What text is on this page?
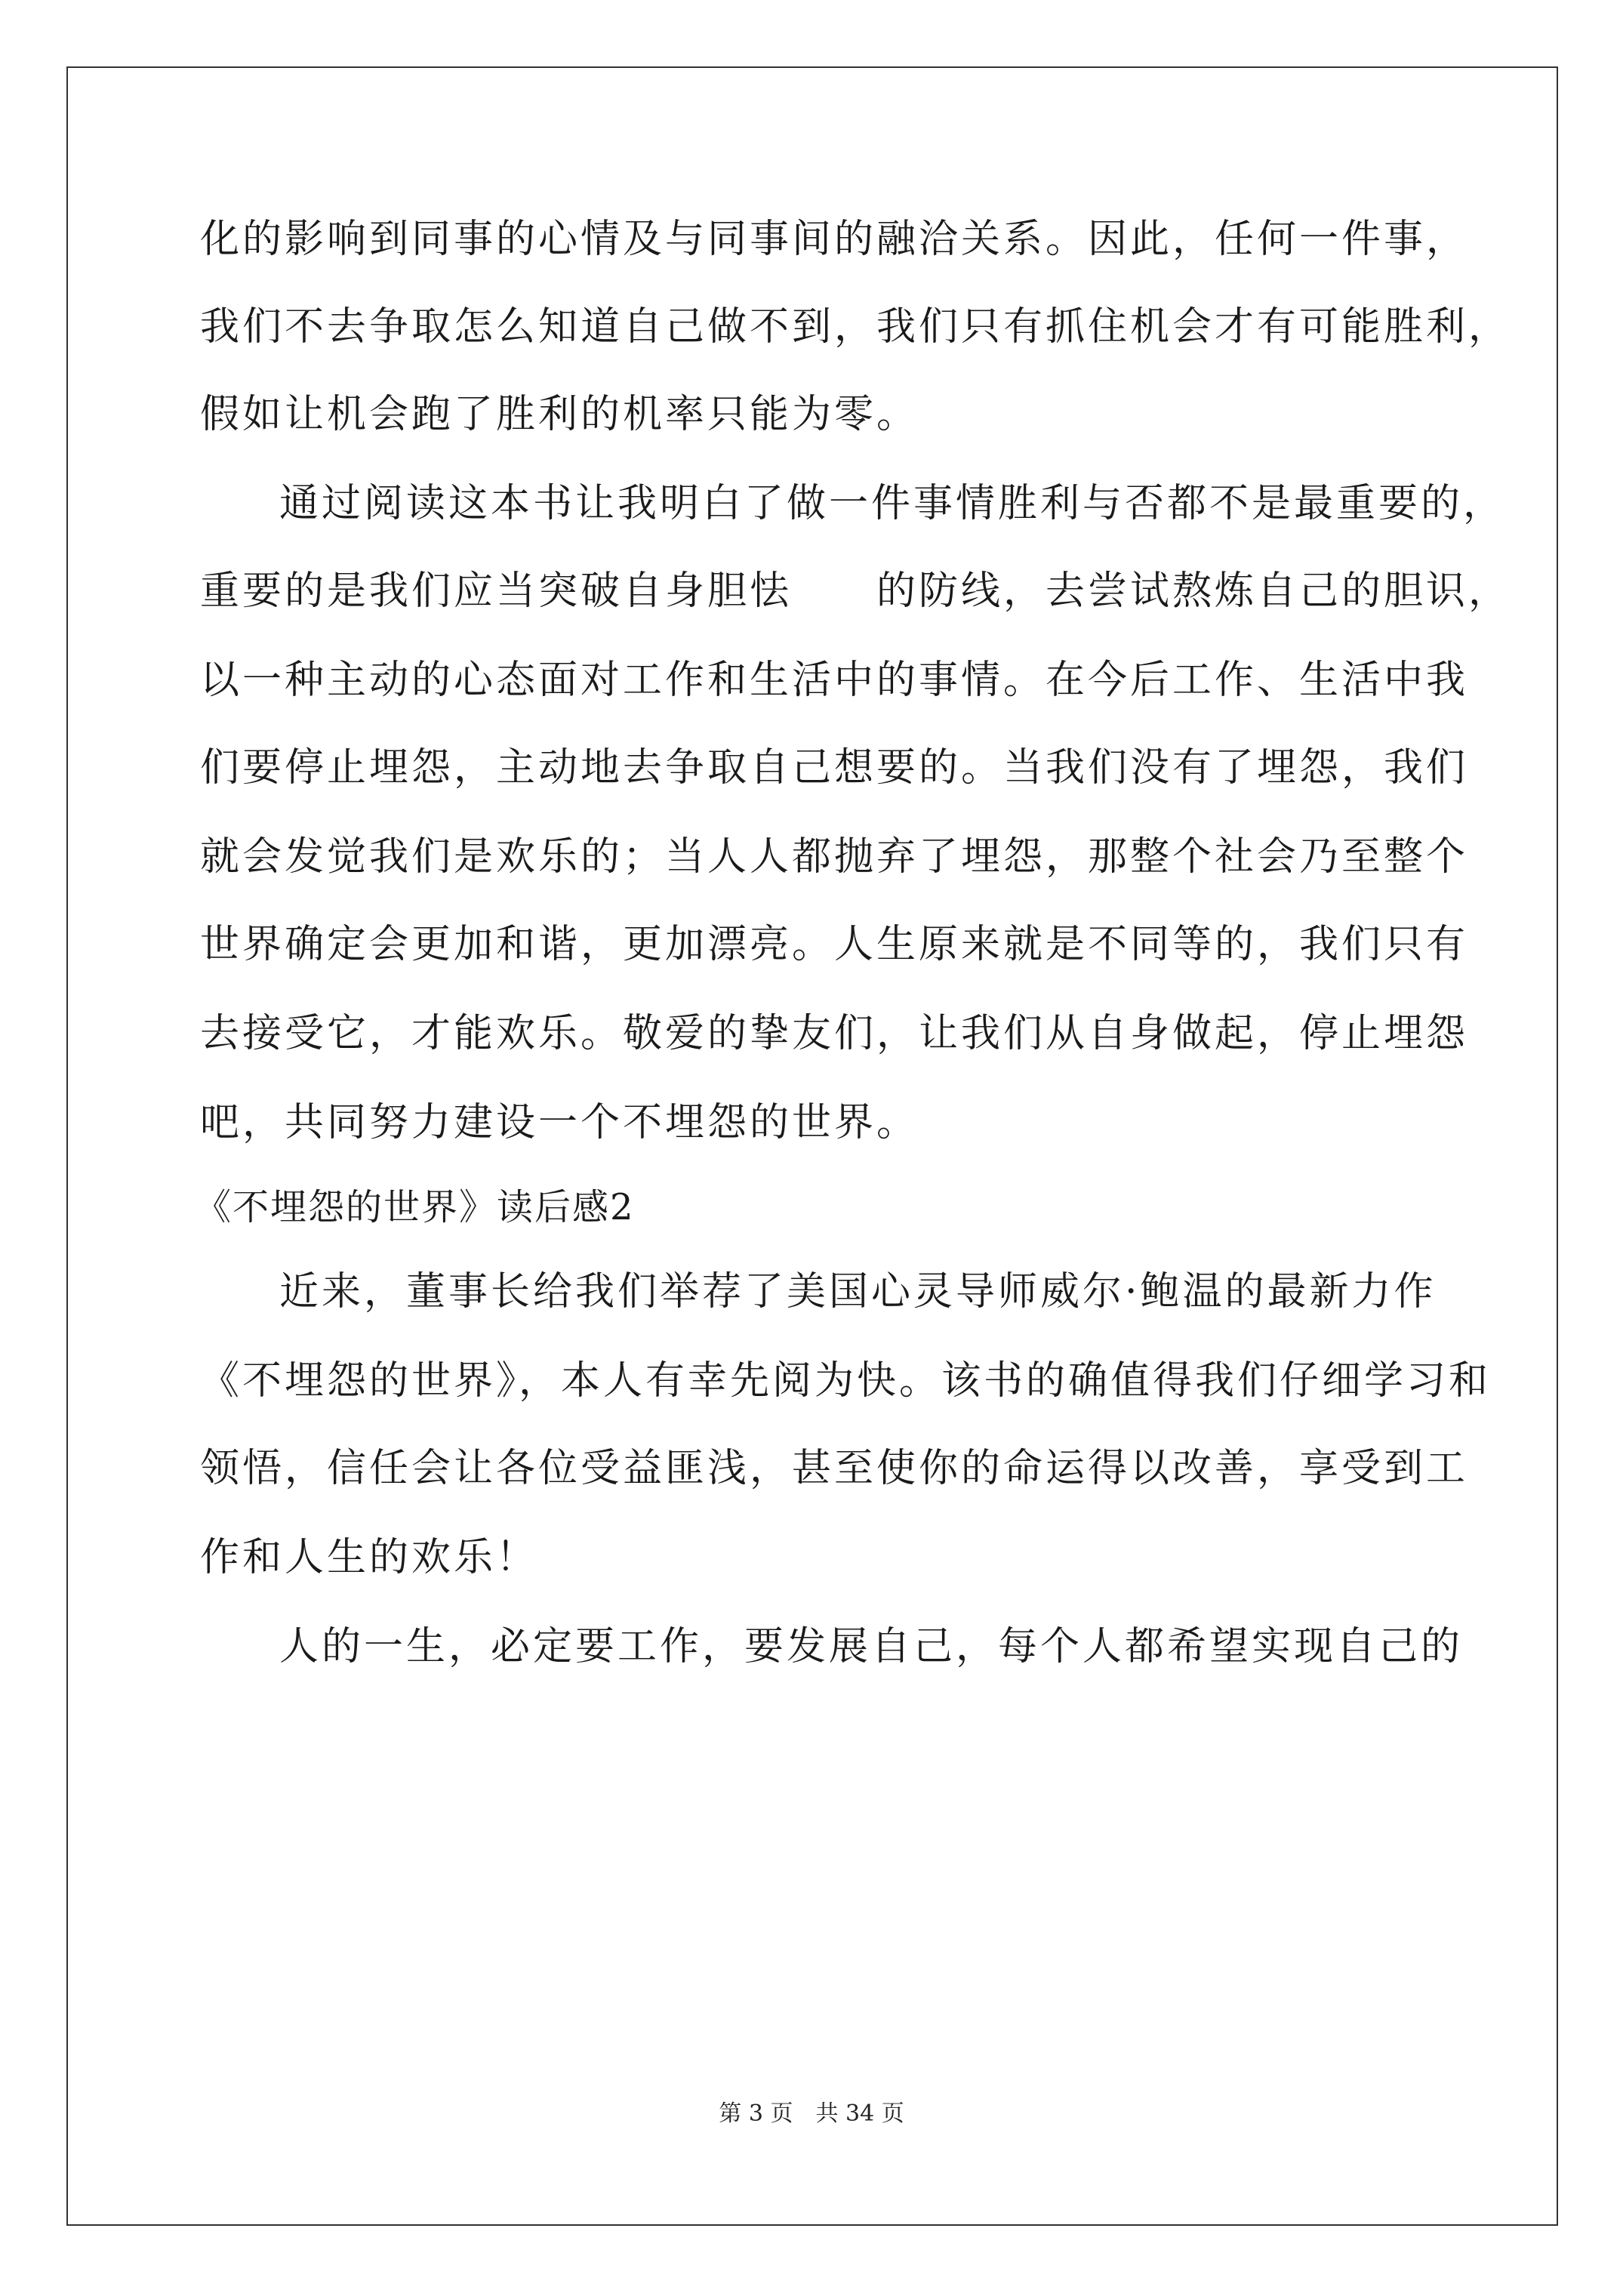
化的影响到同事的心情及与同事间的融洽关系。因此，任何一件事，
我们不去争取怎么知道自己做不到，我们只有抓住机会才有可能胜利，
假如让机会跑了胜利的机率只能为零。
通过阅读这本书让我明白了做一件事情胜利与否都不是最重要的，
重要的是我们应当突破自身胆怯　　的防线，去尝试熬炼自己的胆识，
以一种主动的心态面对工作和生活中的事情。在今后工作、生活中我
们要停止埋怨，主动地去争取自己想要的。当我们没有了埋怨，我们
就会发觉我们是欢乐的；当人人都抛弃了埋怨，那整个社会乃至整个
世界确定会更加和谐，更加漂亮。人生原来就是不同等的，我们只有
去接受它，才能欢乐。敬爱的挚友们，让我们从自身做起，停止埋怨
吧，共同努力建设一个不埋怨的世界。
《不埋怨的世界》读后感2
近来，董事长给我们举荐了美国心灵导师威尔·鲍温的最新力作
《不埋怨的世界》，本人有幸先阅为快。该书的确值得我们仔细学习和
领悟，信任会让各位受益匪浅，甚至使你的命运得以改善，享受到工
作和人生的欢乐！
人的一生，必定要工作，要发展自己，每个人都希望实现自己的
第 3 页 共 34 页
